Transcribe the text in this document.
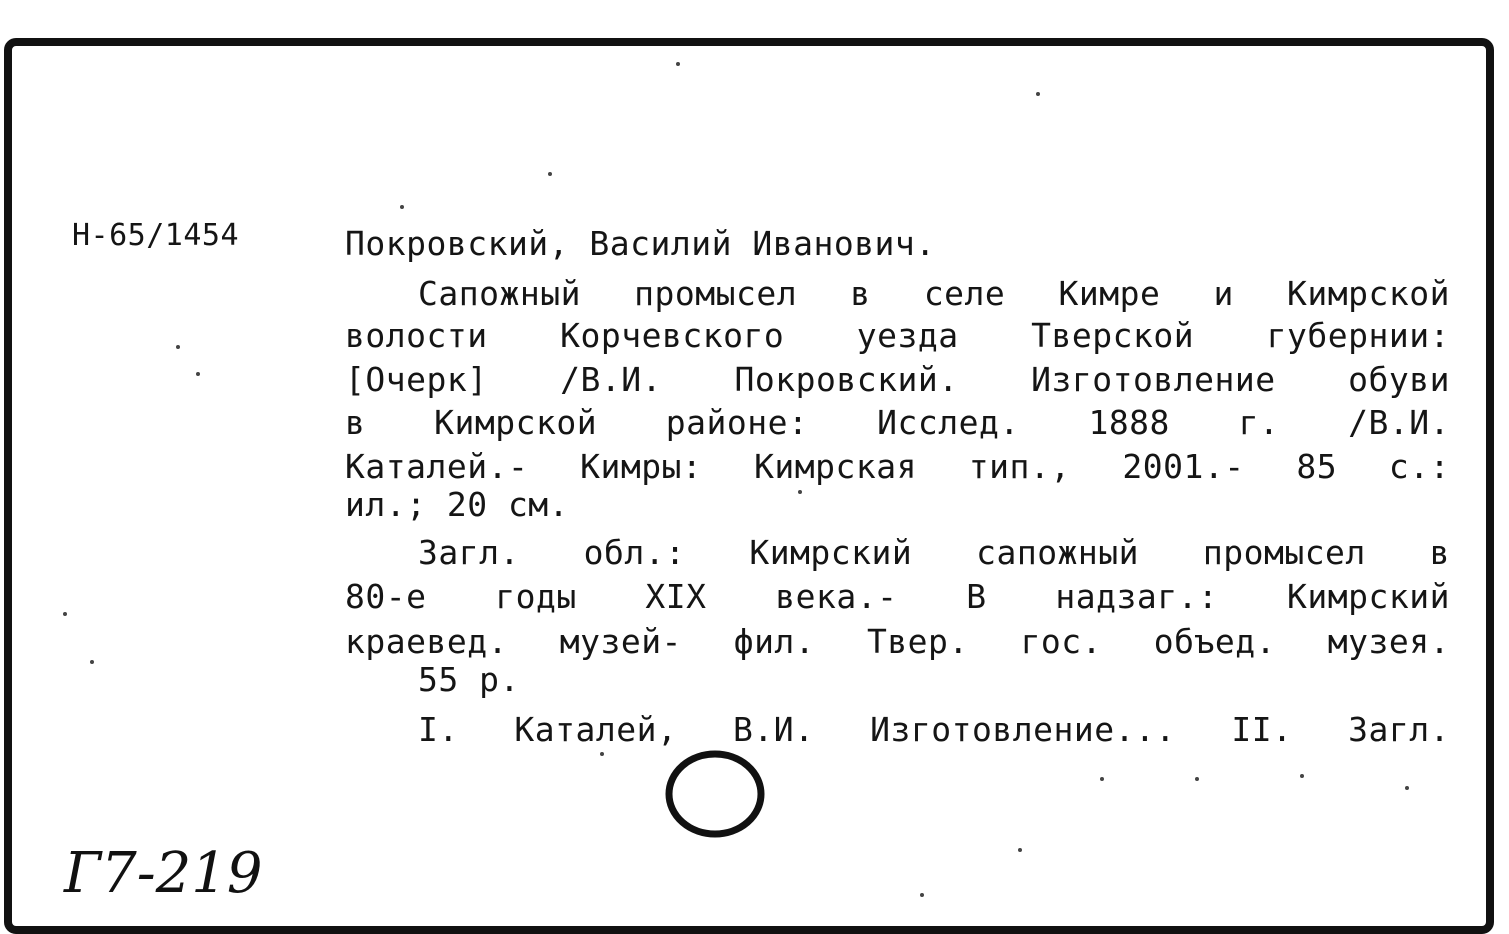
Н-65/1454	Покровский, Василий Иванович.
Сапожный промысел в селе Кимре и Кимрской
волости Корчевского уезда Тверской губернии:
[Очерк] /В.И. Покровский. Изготовление обуви
в Кимрской районе: Исслед. 1888 г. /В.И.
Каталей.- Кимры: Кимрская тип., 2001.- 85 с.:
ил.; 20 см.
Загл. обл.: Кимрский сапожный промысел в
80-е годы XIX века.- В надзаг.: Кимрский
краевед. музей- фил. Твер. гос. объед. музея.
55 р.
I. Каталей, В.И. Изготовление... II. Загл.
Г7-219
